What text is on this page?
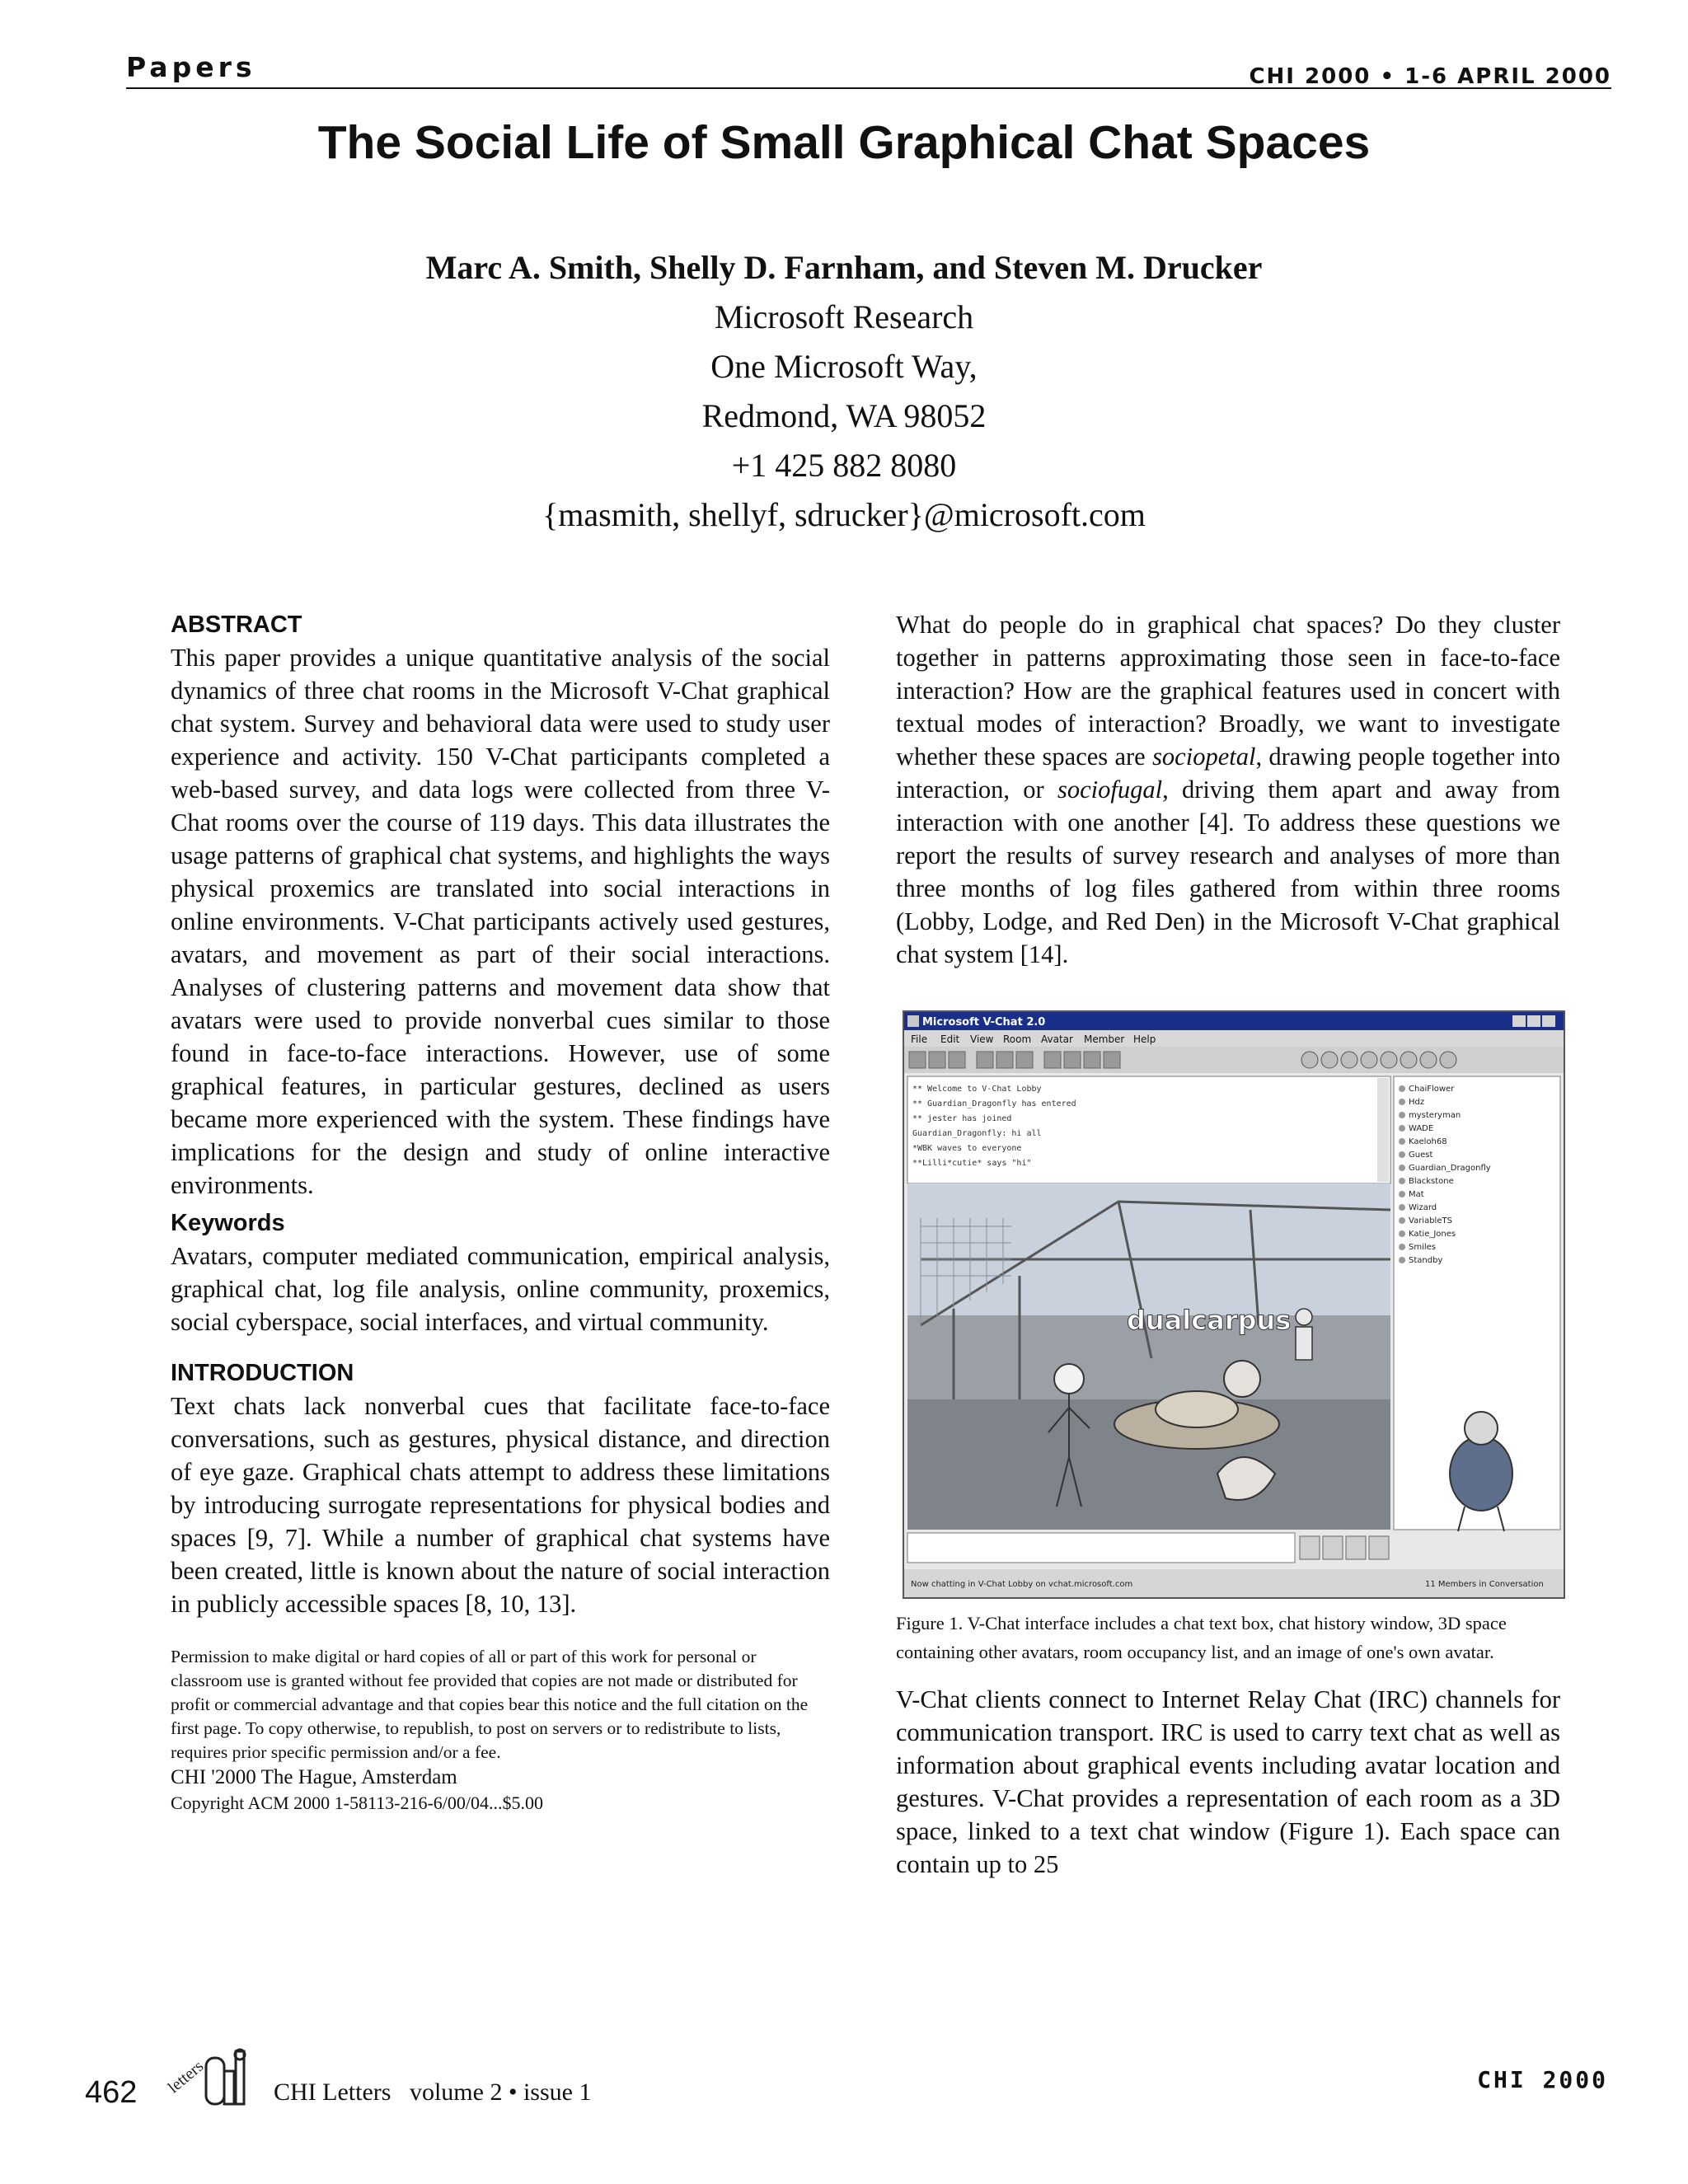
Papers	CHI 2000 • 1-6 APRIL 2000
The Social Life of Small Graphical Chat Spaces
Marc A. Smith, Shelly D. Farnham, and Steven M. Drucker
Microsoft Research
One Microsoft Way,
Redmond, WA 98052
+1 425 882 8080
{masmith, shellyf, sdrucker}@microsoft.com
ABSTRACT

This paper provides a unique quantitative analysis of the social dynamics of three chat rooms in the Microsoft V-Chat graphical chat system. Survey and behavioral data were used to study user experience and activity. 150 V-Chat participants completed a web-based survey, and data logs were collected from three V-Chat rooms over the course of 119 days. This data illustrates the usage patterns of graphical chat systems, and highlights the ways physical proxemics are translated into social interactions in online environments. V-Chat participants actively used gestures, avatars, and movement as part of their social interactions. Analyses of clustering patterns and movement data show that avatars were used to provide nonverbal cues similar to those found in face-to-face interactions. However, use of some graphical features, in particular gestures, declined as users became more experienced with the system. These findings have implications for the design and study of online interactive environments.

Keywords

Avatars, computer mediated communication, empirical analysis, graphical chat, log file analysis, online community, proxemics, social cyberspace, social interfaces, and virtual community.

INTRODUCTION

Text chats lack nonverbal cues that facilitate face-to-face conversations, such as gestures, physical distance, and direction of eye gaze. Graphical chats attempt to address these limitations by introducing surrogate representations for physical bodies and spaces [9, 7]. While a number of graphical chat systems have been created, little is known about the nature of social interaction in publicly accessible spaces [8, 10, 13].

Permission to make digital or hard copies of all or part of this work for personal or classroom use is granted without fee provided that copies are not made or distributed for profit or commercial advantage and that copies bear this notice and the full citation on the first page. To copy otherwise, to republish, to post on servers or to redistribute to lists, requires prior specific permission and/or a fee.

CHI '2000 The Hague, Amsterdam
Copyright ACM 2000 1-58113-216-6/00/04...$5.00

What do people do in graphical chat spaces? Do they cluster together in patterns approximating those seen in face-to-face interaction? How are the graphical features used in concert with textual modes of interaction? Broadly, we want to investigate whether these spaces are sociopetal, drawing people together into interaction, or sociofugal, driving them apart and away from interaction with one another [4]. To address these questions we report the results of survey research and analyses of more than three months of log files gathered from within three rooms (Lobby, Lodge, and Red Den) in the Microsoft V-Chat graphical chat system [14].

Microsoft V-Chat 2.0
File Edit View Room Avatar Member Help
** Welcome to V-Chat Lobby
** Guardian_Dragonfly has entered
** jester has joined
Guardian_Dragonfly: hi all
*WBK waves to everyone
**Lilli*cutie* says "hi"
dualcarpus
ChaiFlower
Hdz
mysteryman
WADE
Kaeloh68
Guest
Guardian_Dragonfly
Blackstone
Mat
Wizard
VariableTS
Katie_Jones
Smiles
Standby
Now chatting in V-Chat Lobby on vchat.microsoft.com	11 Members in Conversation

Figure 1. V-Chat interface includes a chat text box, chat history window, 3D space containing other avatars, room occupancy list, and an image of one's own avatar.

V-Chat clients connect to Internet Relay Chat (IRC) channels for communication transport. IRC is used to carry text chat as well as information about graphical events including avatar location and gestures. V-Chat provides a representation of each room as a 3D space, linked to a text chat window (Figure 1). Each space can contain up to 25

462 letters	CHI Letters   volume 2 • issue 1	CHI 2000
